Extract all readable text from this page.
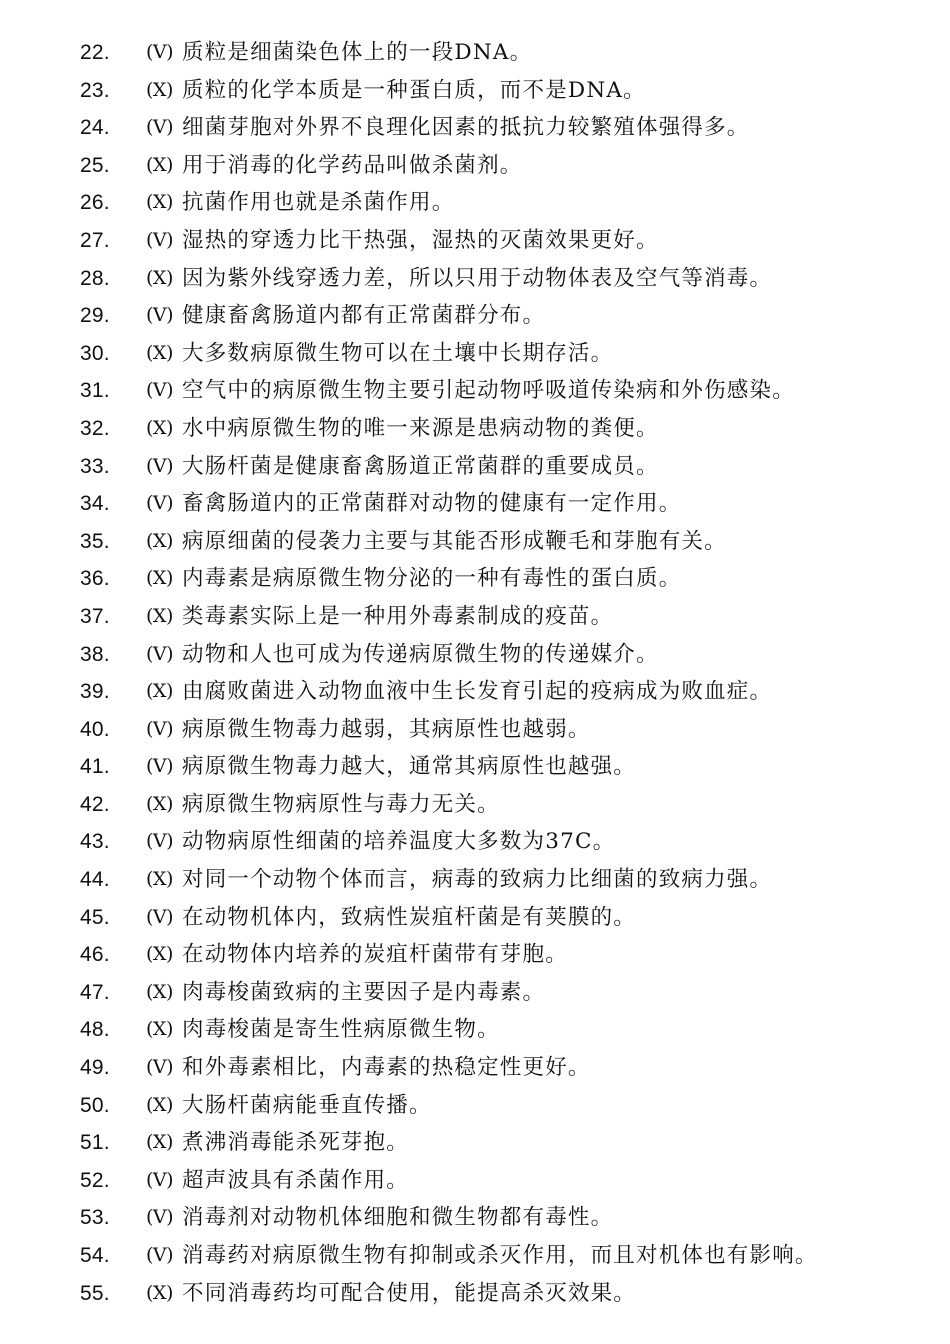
22.	(V) 质粒是细菌染色体上的一段DNA。
23.	(X) 质粒的化学本质是一种蛋白质，而不是DNA。
24.	(V) 细菌芽胞对外界不良理化因素的抵抗力较繁殖体强得多。
25.	(X) 用于消毒的化学药品叫做杀菌剂。
26.	(X) 抗菌作用也就是杀菌作用。
27.	(V) 湿热的穿透力比干热强，湿热的灭菌效果更好。
28.	(X) 因为紫外线穿透力差，所以只用于动物体表及空气等消毒。
29.	(V) 健康畜禽肠道内都有正常菌群分布。
30.	(X) 大多数病原微生物可以在土壤中长期存活。
31.	(V) 空气中的病原微生物主要引起动物呼吸道传染病和外伤感染。
32.	(X) 水中病原微生物的唯一来源是患病动物的粪便。
33.	(V) 大肠杆菌是健康畜禽肠道正常菌群的重要成员。
34.	(V) 畜禽肠道内的正常菌群对动物的健康有一定作用。
35.	(X) 病原细菌的侵袭力主要与其能否形成鞭毛和芽胞有关。
36.	(X) 内毒素是病原微生物分泌的一种有毒性的蛋白质。
37.	(X) 类毒素实际上是一种用外毒素制成的疫苗。
38.	(V) 动物和人也可成为传递病原微生物的传递媒介。
39.	(X) 由腐败菌进入动物血液中生长发育引起的疫病成为败血症。
40.	(V) 病原微生物毒力越弱，其病原性也越弱。
41.	(V) 病原微生物毒力越大，通常其病原性也越强。
42.	(X) 病原微生物病原性与毒力无关。
43.	(V) 动物病原性细菌的培养温度大多数为37C。
44.	(X) 对同一个动物个体而言，病毒的致病力比细菌的致病力强。
45.	(V) 在动物机体内，致病性炭疽杆菌是有荚膜的。
46.	(X) 在动物体内培养的炭疽杆菌带有芽胞。
47.	(X) 肉毒梭菌致病的主要因子是内毒素。
48.	(X) 肉毒梭菌是寄生性病原微生物。
49.	(V) 和外毒素相比，内毒素的热稳定性更好。
50.	(X) 大肠杆菌病能垂直传播。
51.	(X) 煮沸消毒能杀死芽抱。
52.	(V) 超声波具有杀菌作用。
53.	(V) 消毒剂对动物机体细胞和微生物都有毒性。
54.	(V) 消毒药对病原微生物有抑制或杀灭作用，而且对机体也有影响。
55.	(X) 不同消毒药均可配合使用，能提高杀灭效果。
